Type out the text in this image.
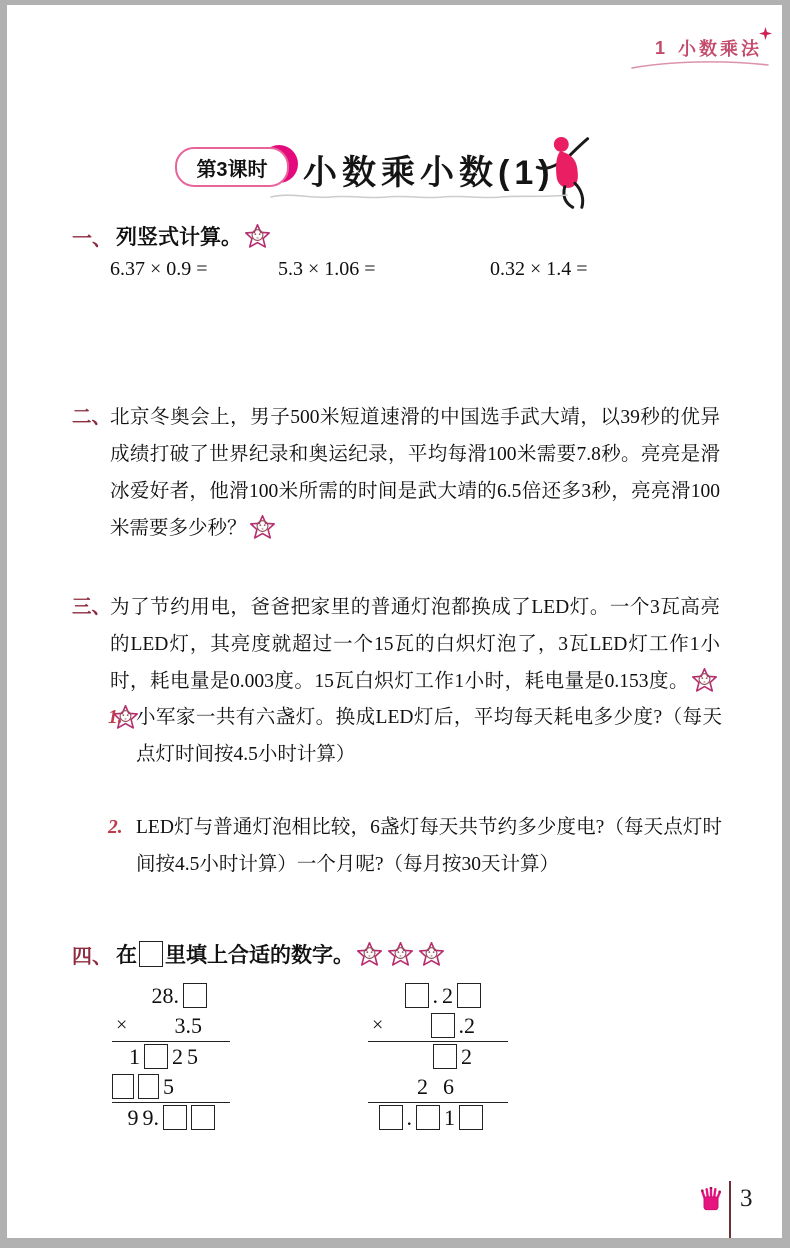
1 小数乘法
第3课时 小数乘小数(1)
一、 列竖式计算。
6.37 × 0.9 =	5.3 × 1.06 =	0.32 × 1.4 =
二、
北京冬奥会上，男子500米短道速滑的中国选手武大靖，以39秒的优异成绩打破了世界纪录和奥运纪录，平均每滑100米需要7.8秒。亮亮是滑冰爱好者，他滑100米所需的时间是武大靖的6.5倍还多3秒，亮亮滑100米需要多少秒？
三、
为了节约用电，爸爸把家里的普通灯泡都换成了LED灯。一个3瓦高亮的LED灯，其亮度就超过一个15瓦的白炽灯泡了，3瓦LED灯工作1小时，耗电量是0.003度。15瓦白炽灯工作1小时，耗电量是0.153度。
1. 小军家一共有六盏灯。换成LED灯后，平均每天耗电多少度?（每天点灯时间按4.5小时计算）
2. LED灯与普通灯泡相比较，6盏灯每天共节约多少度电?（每天点灯时间按4.5小时计算）一个月呢?（每月按30天计算）
四、 在 里填上合适的数字。
28.
× 3.5
1 2 5
5
9 9.
. 2
×	.2
2
2 6
. 1
3
